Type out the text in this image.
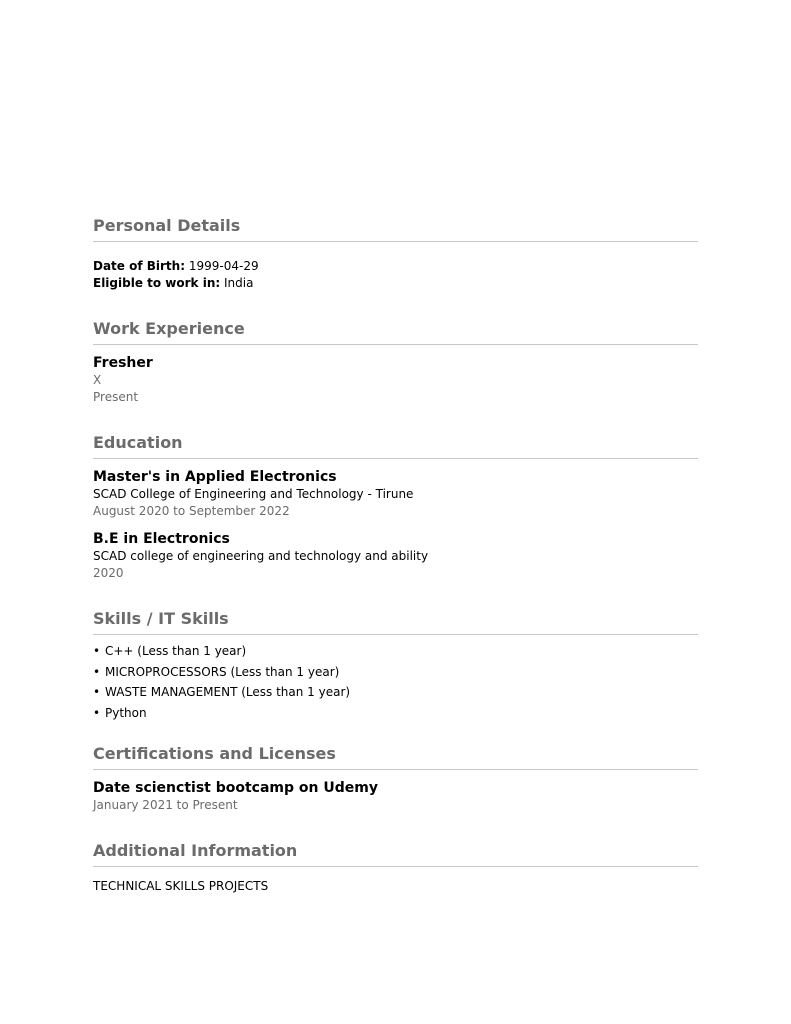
Personal Details
Date of Birth: 1999-04-29
Eligible to work in: India
Work Experience
Fresher
X
Present
Education
Master's in Applied Electronics
SCAD College of Engineering and Technology - Tirune
August 2020 to September 2022
B.E in Electronics
SCAD college of engineering and technology and ability
2020
Skills / IT Skills
• C++ (Less than 1 year)
• MICROPROCESSORS (Less than 1 year)
• WASTE MANAGEMENT (Less than 1 year)
• Python
Certifications and Licenses
Date scienctist bootcamp on Udemy
January 2021 to Present
Additional Information
TECHNICAL SKILLS PROJECTS
